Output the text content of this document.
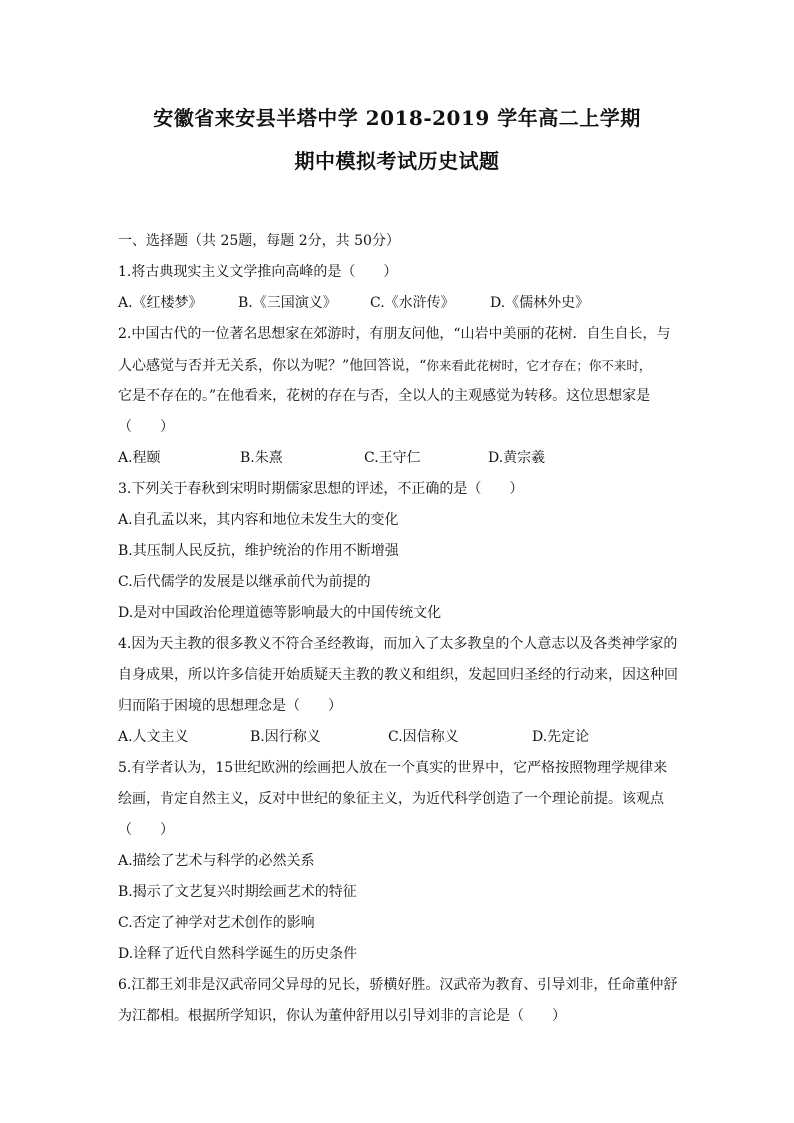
安徽省来安县半塔中学 2018-2019 学年高二上学期
期中模拟考试历史试题
一、选择题（共 25题，每题 2分，共 50分）
1.将古典现实主义文学推向高峰的是（　　）
A.《红楼梦》	B.《三国演义》	C.《水浒传》	D.《儒林外史》
2.中国古代的一位著名思想家在郊游时，有朋友问他，“山岩中美丽的花树．自生自长，与
人心感觉与否并无关系，你以为呢？”他回答说，“你来看此花树时，它才存在；你不来时，
它是不存在的。”在他看来，花树的存在与否，全以人的主观感觉为转移。这位思想家是
（　　）
A.程颐	B.朱熹	C.王守仁	D.黄宗羲
3.下列关于春秋到宋明时期儒家思想的评述，不正确的是（　　）
A.自孔孟以来，其内容和地位未发生大的变化
B.其压制人民反抗，维护统治的作用不断增强
C.后代儒学的发展是以继承前代为前提的
D.是对中国政治伦理道德等影响最大的中国传统文化
4.因为天主教的很多教义不符合圣经教诲，而加入了太多教皇的个人意志以及各类神学家的
自身成果，所以许多信徒开始质疑天主教的教义和组织，发起回归圣经的行动来，因这种回
归而陷于困境的思想理念是（　　）
A.人文主义	B.因行称义	C.因信称义	D.先定论
5.有学者认为，15世纪欧洲的绘画把人放在一个真实的世界中，它严格按照物理学规律来
绘画，肯定自然主义，反对中世纪的象征主义，为近代科学创造了一个理论前提。该观点
（　　）
A.描绘了艺术与科学的必然关系
B.揭示了文艺复兴时期绘画艺术的特征
C.否定了神学对艺术创作的影响
D.诠释了近代自然科学诞生的历史条件
6.江都王刘非是汉武帝同父异母的兄长，骄横好胜。汉武帝为教育、引导刘非，任命董仲舒
为江都相。根据所学知识，你认为董仲舒用以引导刘非的言论是（　　）
